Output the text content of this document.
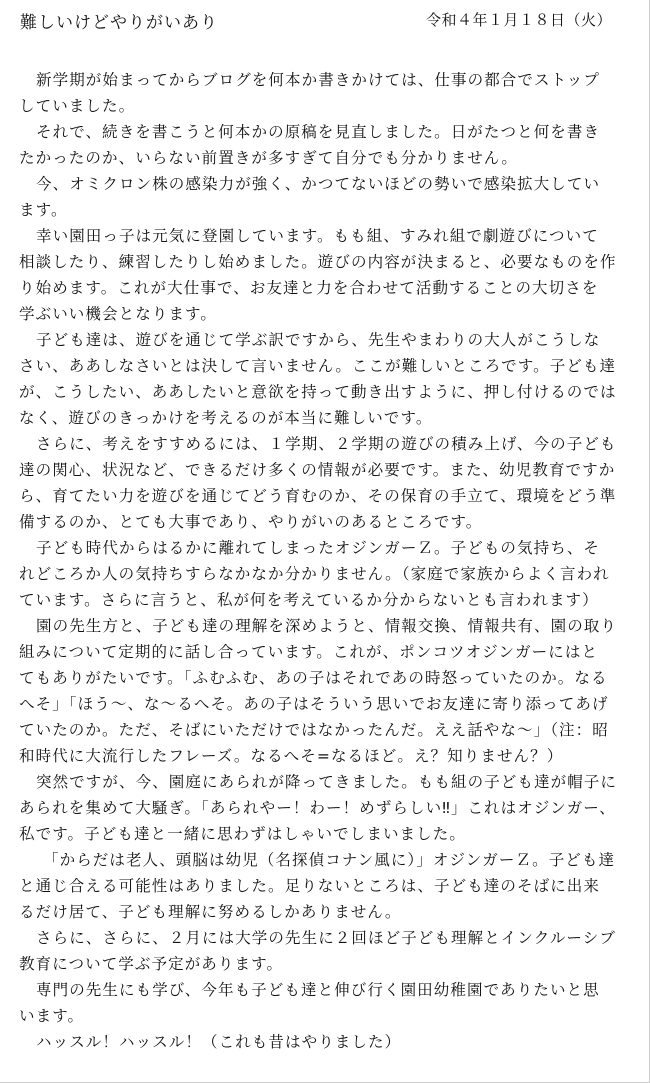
難しいけどやりがいあり	令和４年１月１８日（火）
新学期が始まってからブログを何本か書きかけては、仕事の都合でストップ
していました。
それで、続きを書こうと何本かの原稿を見直しました。日がたつと何を書き
たかったのか、いらない前置きが多すぎて自分でも分かりません。
今、オミクロン株の感染力が強く、かつてないほどの勢いで感染拡大してい
ます。
幸い園田っ子は元気に登園しています。もも組、すみれ組で劇遊びについて
相談したり、練習したりし始めました。遊びの内容が決まると、必要なものを作
り始めます。これが大仕事で、お友達と力を合わせて活動することの大切さを
学ぶいい機会となります。
子ども達は、遊びを通じて学ぶ訳ですから、先生やまわりの大人がこうしな
さい、ああしなさいとは決して言いません。ここが難しいところです。子ども達
が、こうしたい、ああしたいと意欲を持って動き出すように、押し付けるのでは
なく、遊びのきっかけを考えるのが本当に難しいです。
さらに、考えをすすめるには、１学期、２学期の遊びの積み上げ、今の子ども
達の関心、状況など、できるだけ多くの情報が必要です。また、幼児教育ですか
ら、育てたい力を遊びを通じてどう育むのか、その保育の手立て、環境をどう準
備するのか、とても大事であり、やりがいのあるところです。
子ども時代からはるかに離れてしまったオジンガーＺ。子どもの気持ち、そ
れどころか人の気持ちすらなかなか分かりません。（家庭で家族からよく言われ
ています。さらに言うと、私が何を考えているか分からないとも言われます）
園の先生方と、子ども達の理解を深めようと、情報交換、情報共有、園の取り
組みについて定期的に話し合っています。これが、ポンコツオジンガーにはと
てもありがたいです。「ふむふむ、あの子はそれであの時怒っていたのか。なる
へそ」「ほう～、な～るへそ。あの子はそういう思いでお友達に寄り添ってあげ
ていたのか。ただ、そばにいただけではなかったんだ。ええ話やな～」（注：昭
和時代に大流行したフレーズ。なるへそ=なるほど。え？知りません？）
突然ですが、今、園庭にあられが降ってきました。もも組の子ども達が帽子に
あられを集めて大騒ぎ。「あられやー！わー！めずらしい‼」これはオジンガー、
私です。子ども達と一緒に思わずはしゃいでしまいました。
「からだは老人、頭脳は幼児（名探偵コナン風に）」オジンガーＺ。子ども達
と通じ合える可能性はありました。足りないところは、子ども達のそばに出来
るだけ居て、子ども理解に努めるしかありません。
さらに、さらに、２月には大学の先生に２回ほど子ども理解とインクルーシブ
教育について学ぶ予定があります。
専門の先生にも学び、今年も子ども達と伸び行く園田幼稚園でありたいと思
います。
ハッスル！ハッスル！（これも昔はやりました）
